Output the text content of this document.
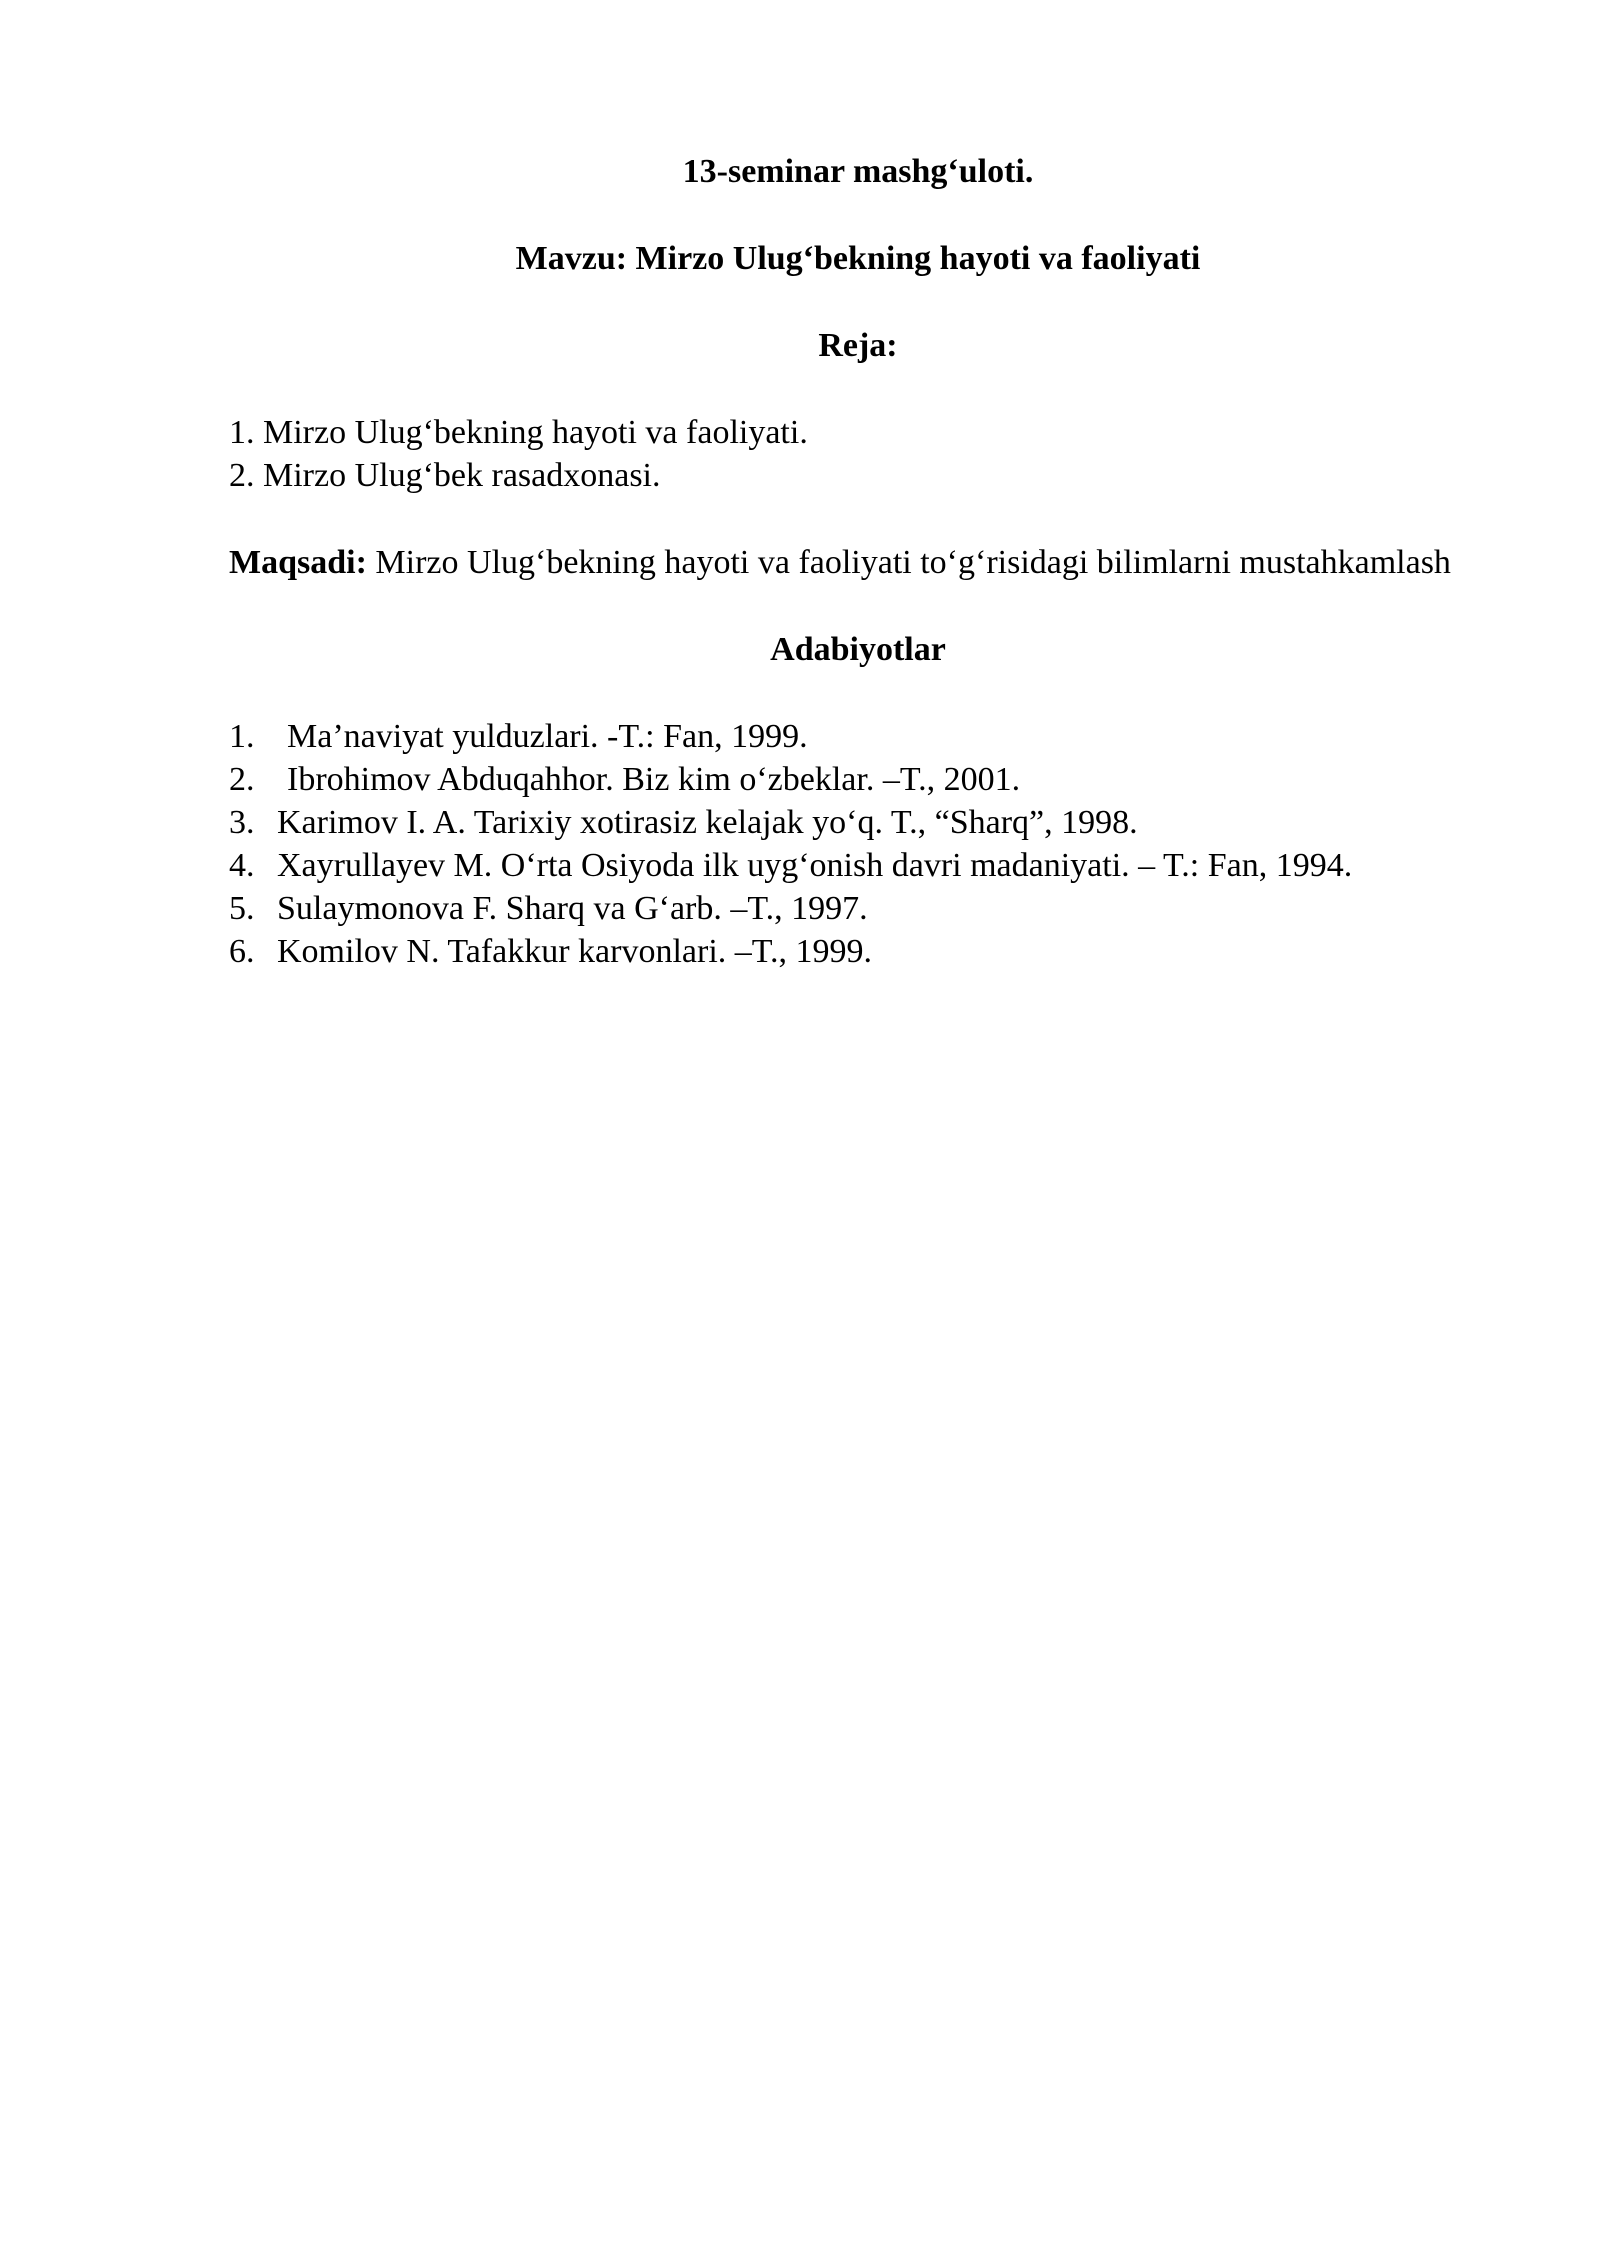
13-seminar mashg‘uloti.

Mavzu: Mirzo Ulug‘bekning hayoti va faoliyati

Reja:

1. Mirzo Ulug‘bekning hayoti va faoliyati.
2. Mirzo Ulug‘bek rasadxonasi.

Maqsadi: Mirzo Ulug‘bekning hayoti va faoliyati to‘g‘risidagi bilimlarni mustahkamlash

Adabiyotlar

1. Ma’naviyat yulduzlari. -T.: Fan, 1999.
2. Ibrohimov Abduqahhor. Biz kim o‘zbeklar. –T., 2001.
3. Karimov I. A. Tarixiy xotirasiz kelajak yo‘q. T., “Sharq”, 1998.
4. Xayrullayev M. O‘rta Osiyoda ilk uyg‘onish davri madaniyati. – T.: Fan, 1994.
5. Sulaymonova F. Sharq va G‘arb. –T., 1997.
6. Komilov N. Tafakkur karvonlari. –T., 1999.
